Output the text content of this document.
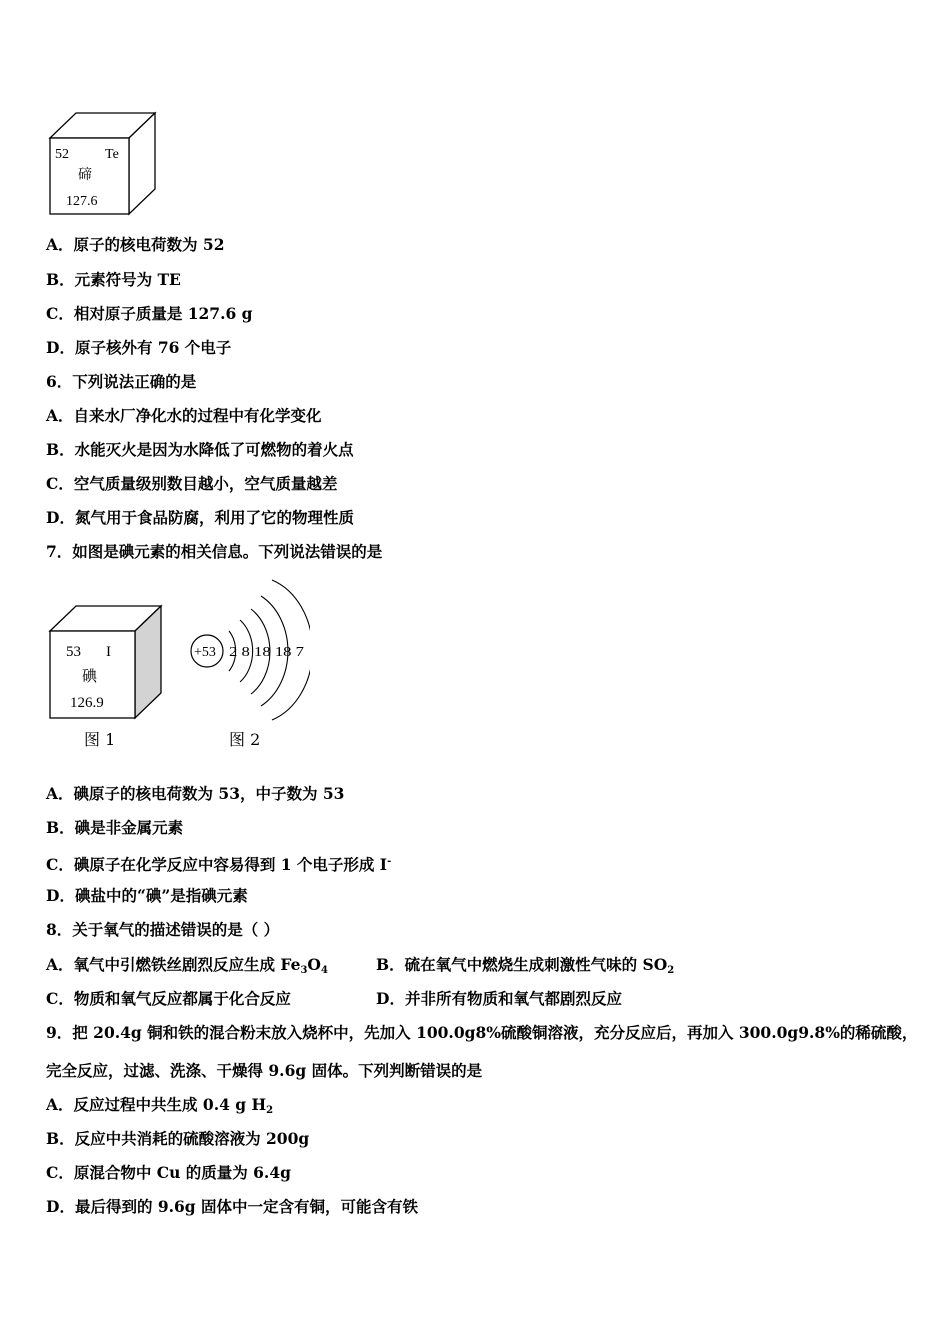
52	Te
碲
127.6
A．原子的核电荷数为 52
B．元素符号为 TE
C．相对原子质量是 127.6 g
D．原子核外有 76 个电子
6．下列说法正确的是
A．自来水厂净化水的过程中有化学变化
B．水能灭火是因为水降低了可燃物的着火点
C．空气质量级别数目越小，空气质量越差
D．氮气用于食品防腐，利用了它的物理性质
7．如图是碘元素的相关信息。下列说法错误的是
53 I
碘
126.9
+53 2 8 18 18 7
图 1	图 2
A．碘原子的核电荷数为 53，中子数为 53
B．碘是非金属元素
C．碘原子在化学反应中容易得到 1 个电子形成 I-
D．碘盐中的“碘”是指碘元素
8．关于氧气的描述错误的是（ ）
A．氧气中引燃铁丝剧烈反应生成 $Fe_3O_4$	B．硫在氧气中燃烧生成刺激性气味的 $SO_2$
C．物质和氧气反应都属于化合反应	D．并非所有物质和氧气都剧烈反应
9．把 20.4g 铜和铁的混合粉末放入烧杯中，先加入 100.0g8%硫酸铜溶液，充分反应后，再加入 300.0g9.8%的稀硫酸，
完全反应，过滤、洗涤、干燥得 9.6g 固体。下列判断错误的是
A．反应过程中共生成 0.4 g $H_2$
B．反应中共消耗的硫酸溶液为 200g
C．原混合物中 Cu 的质量为 6.4g
D．最后得到的 9.6g 固体中一定含有铜，可能含有铁
